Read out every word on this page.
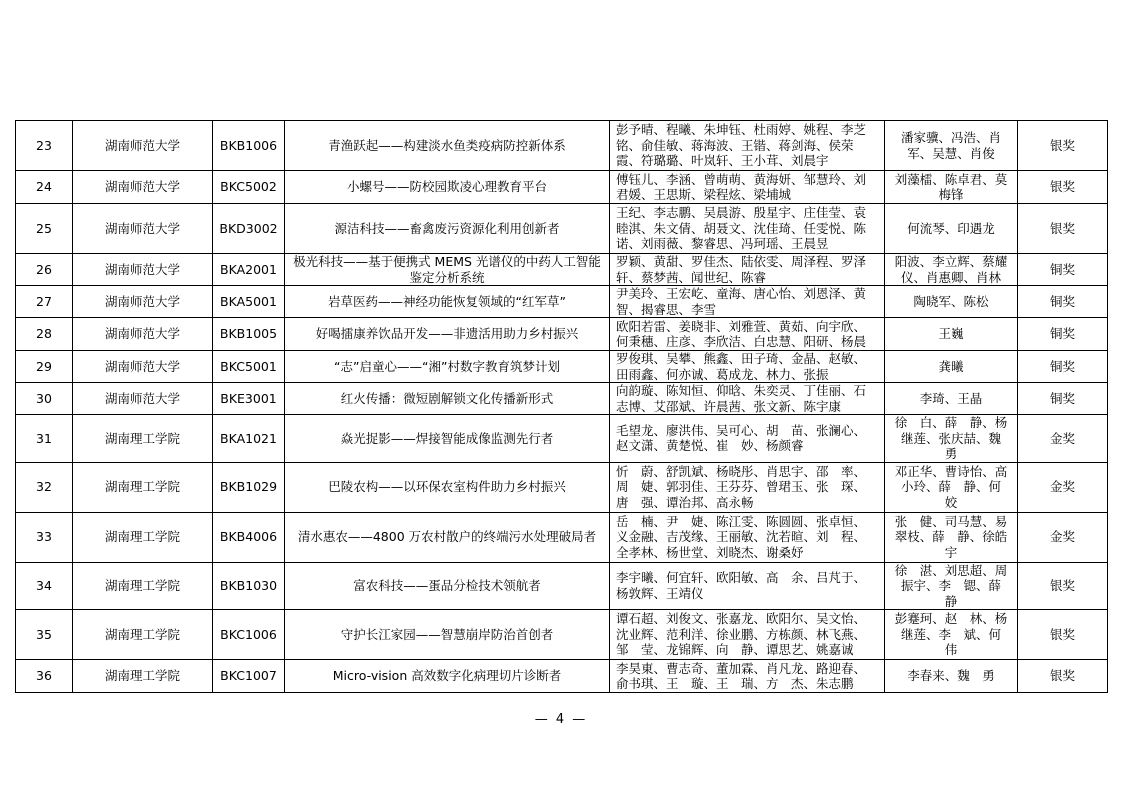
23	湖南师范大学	BKB1006	青渔跃起——构建淡水鱼类疫病防控新体系	彭予晴、程曦、朱坤钰、杜雨婷、姚程、李芝铭、俞佳敏、蒋海波、王锴、蒋剑海、侯荣霞、符璐璐、叶岚轩、王小茸、刘晨宇	潘家骥、冯浩、肖军、吴慧、肖俊	银奖
24	湖南师范大学	BKC5002	小螺号——防校园欺凌心理教育平台	傅钰儿、李涵、曾萌萌、黄海妍、邹慧玲、刘君媛、王思斯、梁程炫、梁埔城	刘藻檑、陈卓君、莫梅锋	银奖
25	湖南师范大学	BKD3002	源洁科技——畜禽废污资源化利用创新者	王纪、李志鹏、吴晨游、殷星宇、庄佳莹、袁睦淇、朱文倩、胡聂文、沈佳琦、任雯悦、陈诺、刘雨薇、黎睿思、冯珂瑶、王晨昱	何流琴、印遇龙	银奖
26	湖南师范大学	BKA2001	极光科技——基于便携式 MEMS 光谱仪的中药人工智能鉴定分析系统	罗颖、黄甜、罗佳杰、陆依雯、周泽程、罗泽轩、蔡梦茜、闻世纪、陈睿	阳波、李立辉、蔡耀仪、肖惠卿、肖林	铜奖
27	湖南师范大学	BKA5001	岩草医药——神经功能恢复领域的“红军草”	尹美玲、王宏屹、童海、唐心怡、刘恩泽、黄智、揭睿思、李雪	陶晓军、陈松	铜奖
28	湖南师范大学	BKB1005	好喝擂康养饮品开发——非遗活用助力乡村振兴	欧阳若雷、姜晓非、刘雅萱、黄茹、向宇欣、何秉穗、庄彦、李欣洁、白忠慧、阳研、杨晨	王巍	铜奖
29	湖南师范大学	BKC5001	“志”启童心——“湘”村数字教育筑梦计划	罗俊琪、吴攀、熊鑫、田子琦、金晶、赵敏、田雨鑫、何亦诚、葛成龙、林力、张振	龚曦	铜奖
30	湖南师范大学	BKE3001	红火传播：微短剧解锁文化传播新形式	向韵璇、陈知恒、仰晗、朱奕灵、丁佳丽、石志博、艾邵斌、许晨茜、张文新、陈宇康	李琦、王晶	铜奖
31	湖南理工学院	BKA1021	焱光捉影——焊接智能成像监测先行者	毛望龙、廖洪伟、吴可心、胡　苗、张澜心、赵文潇、黄楚悦、崔　妙、杨颜睿	徐　白、薛　静、杨继莲、张庆喆、魏　勇	金奖
32	湖南理工学院	BKB1029	巴陵农构——以环保农室构件助力乡村振兴	忻　蔚、舒凯斌、杨晓彤、肖思宇、邵　率、周　婕、郭羽佳、王芬芬、曾珺玉、张　琛、唐　强、谭治邦、高永畅	邓正华、曹诗怡、高小玲、薛　静、何　姣	金奖
33	湖南理工学院	BKB4006	清水惠农——4800 万农村散户的终端污水处理破局者	岳　楠、尹　婕、陈江雯、陈圆圆、张卓恒、义金融、吉茂缘、王丽敏、沈若暄、刘　程、全孝林、杨世堂、刘晓杰、谢桑妤	张　健、司马慧、易翠枝、薛　静、徐皓宇	金奖
34	湖南理工学院	BKB1030	富农科技——蛋品分检技术领航者	李宇曦、何宜轩、欧阳敏、高　余、吕芃于、杨敦辉、王靖仪	徐　湛、刘思超、周振宇、李　锶、薛　静	银奖
35	湖南理工学院	BKC1006	守护长江家园——智慧崩岸防治首创者	谭石超、刘俊文、张嘉龙、欧阳尔、吴文怡、沈业辉、范利洋、徐业鹏、方栋颜、林飞燕、邹　莹、龙锦辉、向　静、谭思艺、姚嘉诚	彭蹇珂、赵　林、杨继莲、李　斌、何　伟	银奖
36	湖南理工学院	BKC1007	Micro-vision 高效数字化病理切片诊断者	李昊東、曹志奇、董加霖、肖凡龙、路迎春、俞书琪、王　璇、王　瑞、方　杰、朱志鹏	李春来、魏　勇	银奖
— 4 —
